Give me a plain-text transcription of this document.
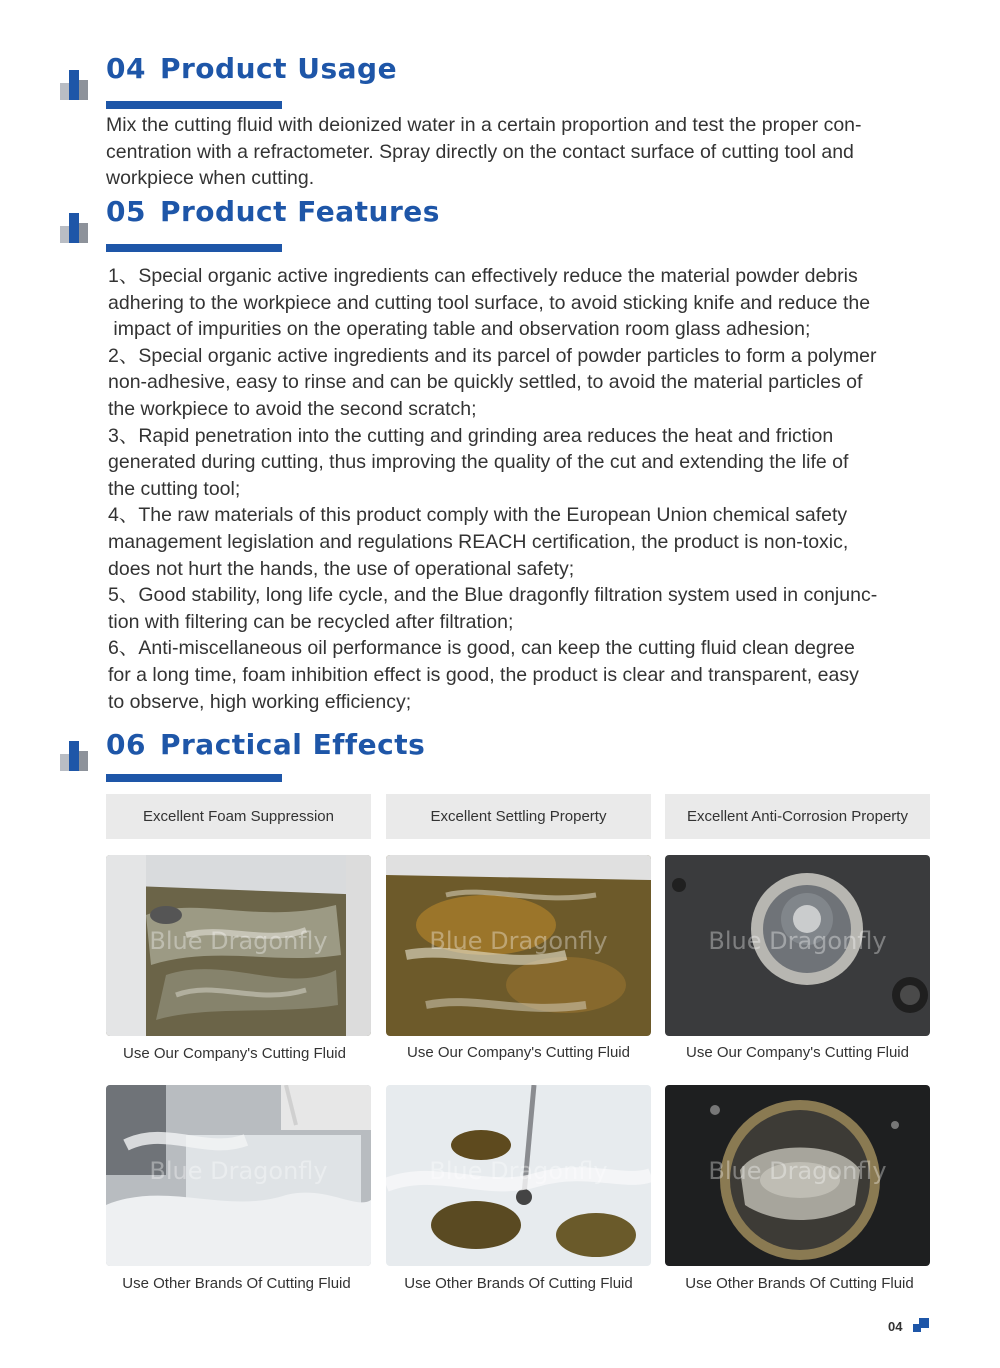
04 Product Usage
Mix the cutting fluid with deionized water in a certain proportion and test the proper con-
centration with a refractometer. Spray directly on the contact surface of cutting tool and
workpiece when cutting.
05 Product Features
1、Special organic active ingredients can effectively reduce the material powder debris
adhering to the workpiece and cutting tool surface, to avoid sticking knife and reduce the
impact of impurities on the operating table and observation room glass adhesion;
2、Special organic active ingredients and its parcel of powder particles to form a polymer
non-adhesive, easy to rinse and can be quickly settled, to avoid the material particles of
the workpiece to avoid the second scratch;
3、Rapid penetration into the cutting and grinding area reduces the heat and friction
generated during cutting, thus improving the quality of the cut and extending the life of
the cutting tool;
4、The raw materials of this product comply with the European Union chemical safety
management legislation and regulations REACH certification, the product is non-toxic,
does not hurt the hands, the use of operational safety;
5、Good stability, long life cycle, and the Blue dragonfly filtration system used in conjunc-
tion with filtering can be recycled after filtration;
6、Anti-miscellaneous oil performance is good, can keep the cutting fluid clean degree
for a long time, foam inhibition effect is good, the product is clear and transparent, easy
to observe, high working efficiency;
06 Practical Effects
Excellent Foam Suppression	Excellent Settling Property	Excellent Anti-Corrosion Property
Blue Dragonfly	Blue Dragonfly	Blue Dragonfly
Use Our Company's Cutting Fluid	Use Our Company's Cutting Fluid	Use Our Company's Cutting Fluid
Blue Dragonfly	Blue Dragonfly	Blue Dragonfly
Use Other Brands Of Cutting Fluid	Use Other Brands Of Cutting Fluid	Use Other Brands Of Cutting Fluid
04
